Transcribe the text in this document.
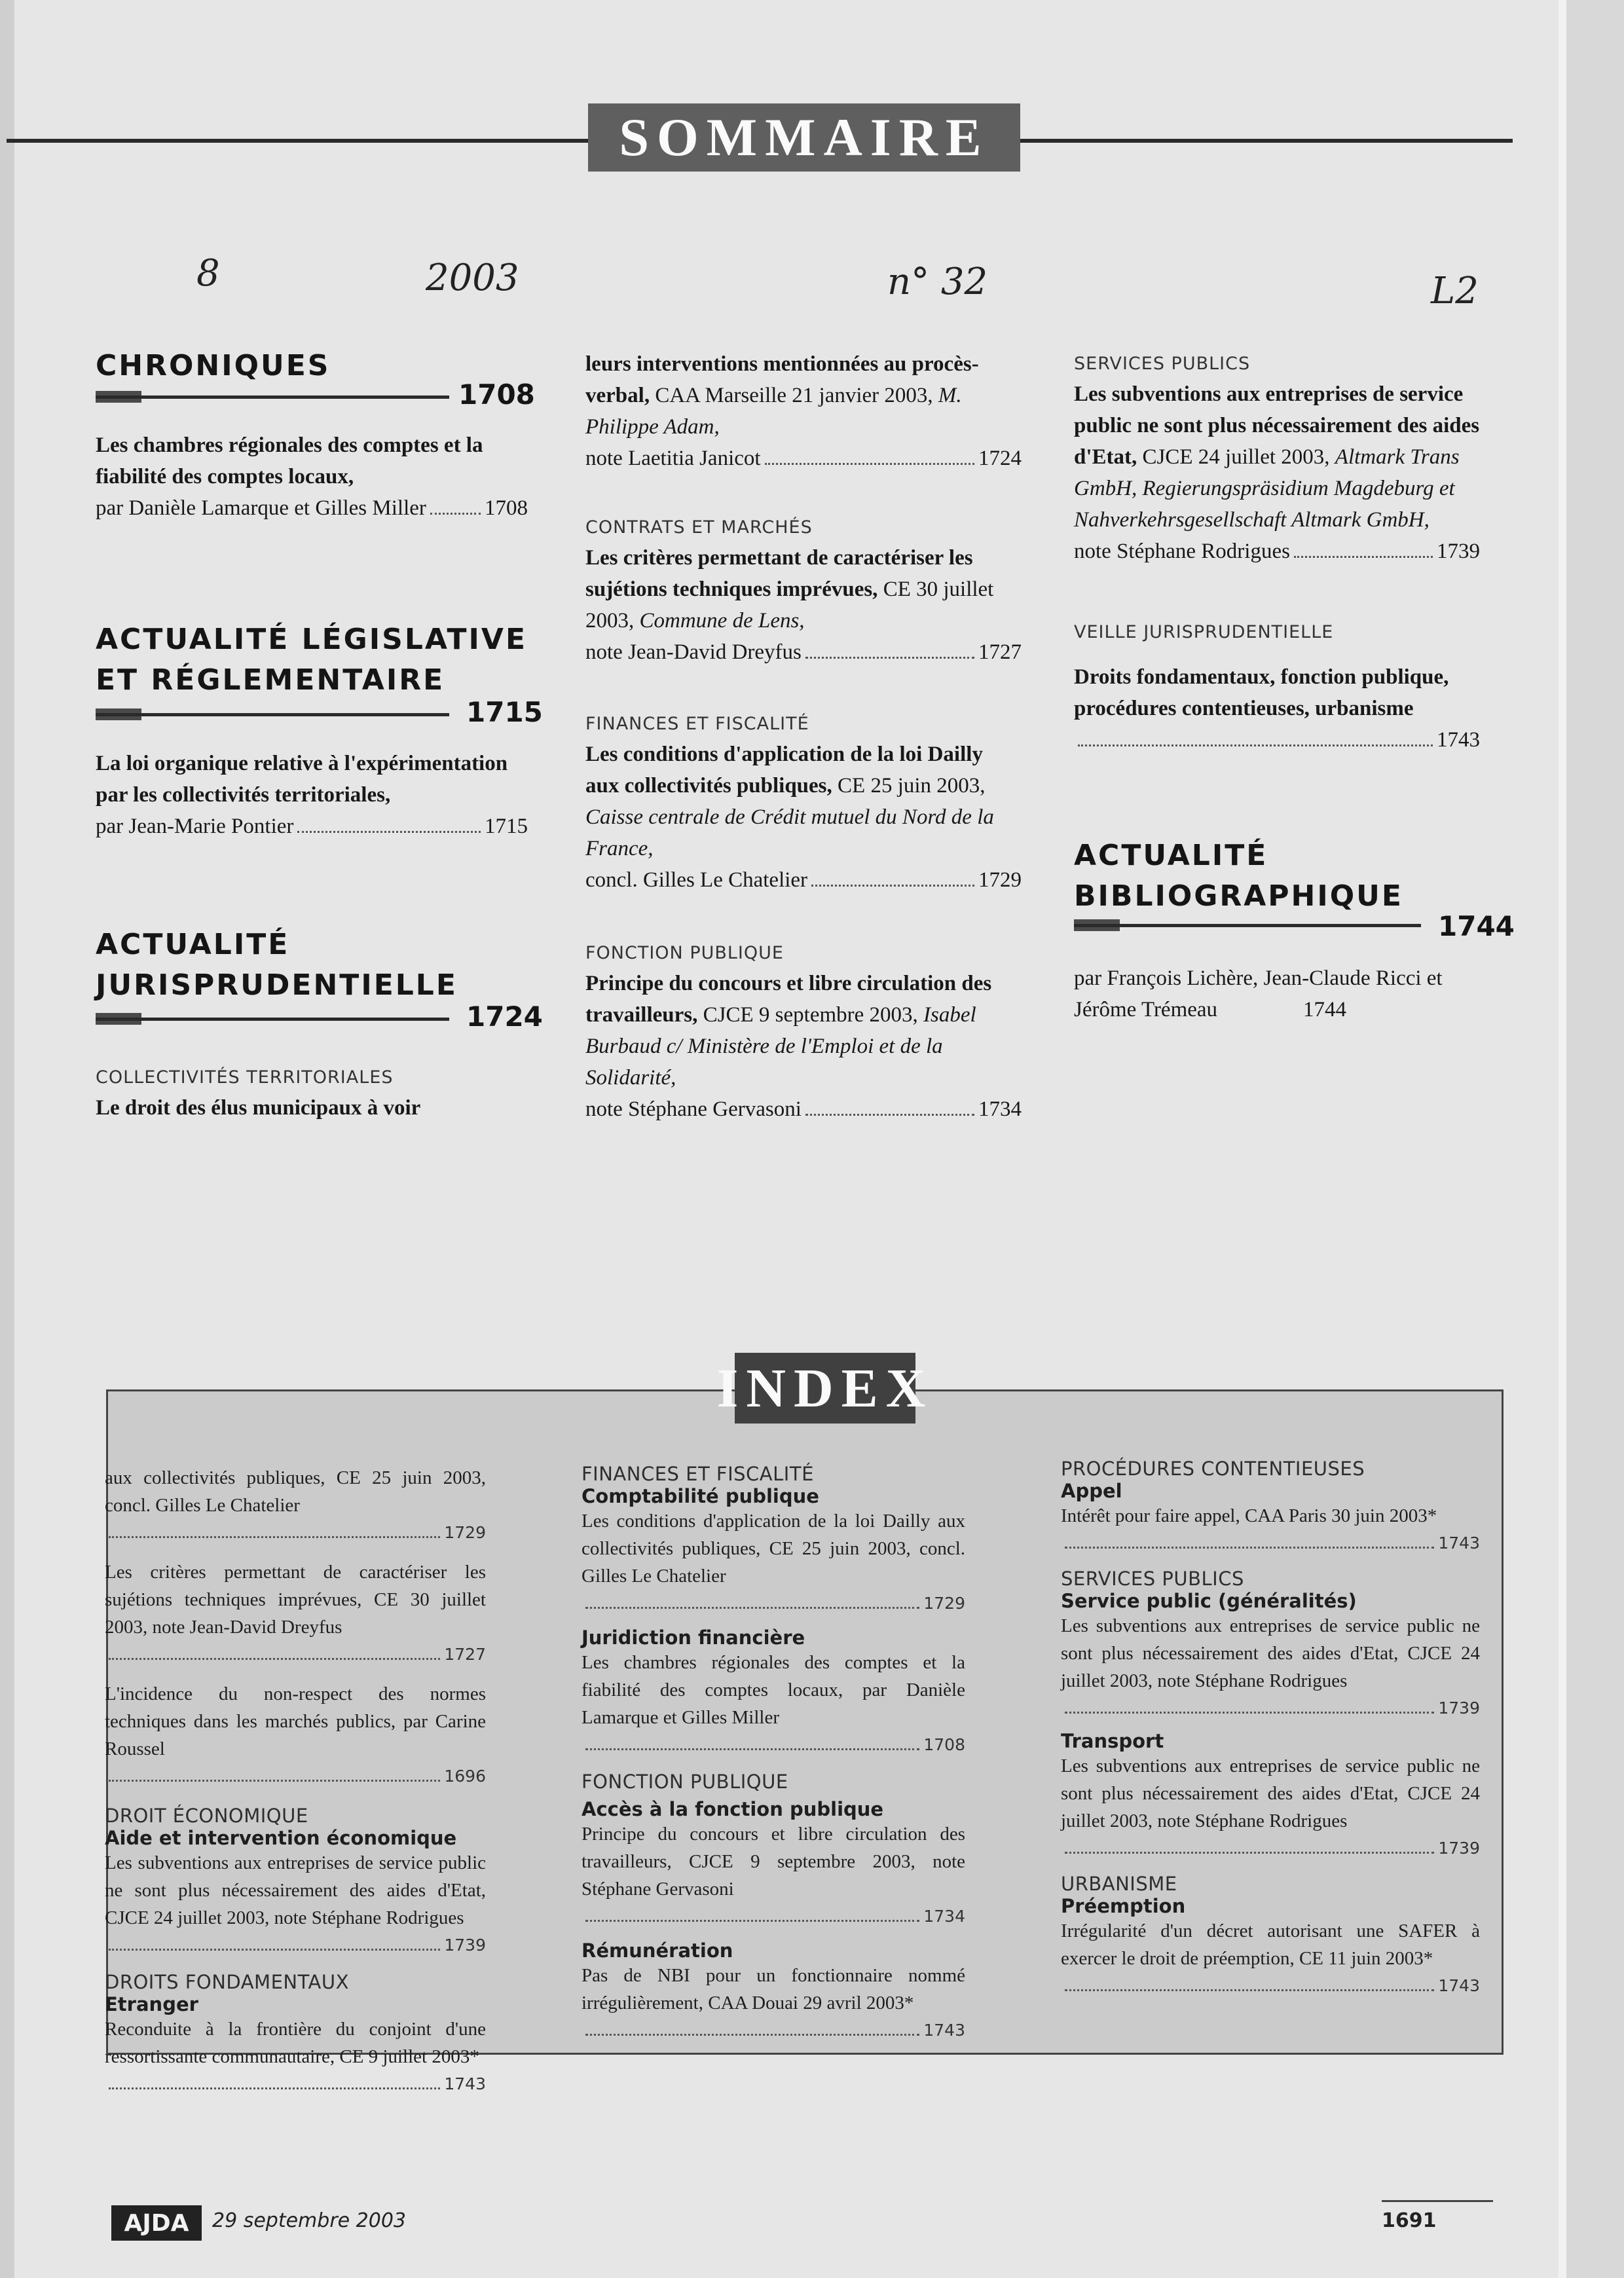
SOMMAIRE
8	2003	n° 32	L2
CHRONIQUES
1708
Les chambres régionales des comptes et la fiabilité des comptes locaux,
par Danièle Lamarque et Gilles Miller	1708
ACTUALITÉ LÉGISLATIVE
ET RÉGLEMENTAIRE
1715
La loi organique relative à l'expérimentation par les collectivités territoriales,
par Jean-Marie Pontier	1715
ACTUALITÉ
JURISPRUDENTIELLE
1724
COLLECTIVITÉS TERRITORIALES
Le droit des élus municipaux à voir
leurs interventions mentionnées au procès-verbal, CAA Marseille 21 janvier 2003, M. Philippe Adam,
note Laetitia Janicot	1724
CONTRATS ET MARCHÉS
Les critères permettant de caractériser les sujétions techniques imprévues, CE 30 juillet 2003, Commune de Lens,
note Jean-David Dreyfus	1727
FINANCES ET FISCALITÉ
Les conditions d'application de la loi Dailly aux collectivités publiques, CE 25 juin 2003, Caisse centrale de Crédit mutuel du Nord de la France,
concl. Gilles Le Chatelier	1729
FONCTION PUBLIQUE
Principe du concours et libre circulation des travailleurs, CJCE 9 septembre 2003, Isabel Burbaud c/ Ministère de l'Emploi et de la Solidarité,
note Stéphane Gervasoni	1734
SERVICES PUBLICS
Les subventions aux entreprises de service public ne sont plus nécessairement des aides d'Etat, CJCE 24 juillet 2003, Altmark Trans GmbH, Regierungspräsidium Magdeburg et Nahverkehrsgesellschaft Altmark GmbH,
note Stéphane Rodrigues	1739
VEILLE JURISPRUDENTIELLE
Droits fondamentaux, fonction publique, procédures contentieuses, urbanisme
1743
ACTUALITÉ
BIBLIOGRAPHIQUE
1744
par François Lichère, Jean-Claude Ricci et Jérôme Trémeau	1744
INDEX
aux collectivités publiques, CE 25 juin 2003, concl. Gilles Le Chatelier
1729
Les critères permettant de caractériser les sujétions techniques imprévues, CE 30 juillet 2003, note Jean-David Dreyfus
1727
L'incidence du non-respect des normes techniques dans les marchés publics, par Carine Roussel
1696
DROIT ÉCONOMIQUE
Aide et intervention économique
Les subventions aux entreprises de service public ne sont plus nécessairement des aides d'Etat, CJCE 24 juillet 2003, note Stéphane Rodrigues
1739
DROITS FONDAMENTAUX
Etranger
Reconduite à la frontière du conjoint d'une ressortissante communautaire, CE 9 juillet 2003*
1743
FINANCES ET FISCALITÉ
Comptabilité publique
Les conditions d'application de la loi Dailly aux collectivités publiques, CE 25 juin 2003, concl. Gilles Le Chatelier
1729
Juridiction financière
Les chambres régionales des comptes et la fiabilité des comptes locaux, par Danièle Lamarque et Gilles Miller
1708
FONCTION PUBLIQUE
Accès à la fonction publique
Principe du concours et libre circulation des travailleurs, CJCE 9 septembre 2003, note Stéphane Gervasoni
1734
Rémunération
Pas de NBI pour un fonctionnaire nommé irrégulièrement, CAA Douai 29 avril 2003*
1743
PROCÉDURES CONTENTIEUSES
Appel
Intérêt pour faire appel, CAA Paris 30 juin 2003*
1743
SERVICES PUBLICS
Service public (généralités)
Les subventions aux entreprises de service public ne sont plus nécessairement des aides d'Etat, CJCE 24 juillet 2003, note Stéphane Rodrigues
1739
Transport
Les subventions aux entreprises de service public ne sont plus nécessairement des aides d'Etat, CJCE 24 juillet 2003, note Stéphane Rodrigues
1739
URBANISME
Préemption
Irrégularité d'un décret autorisant une SAFER à exercer le droit de préemption, CE 11 juin 2003*
1743
AJDA 29 septembre 2003	1691
